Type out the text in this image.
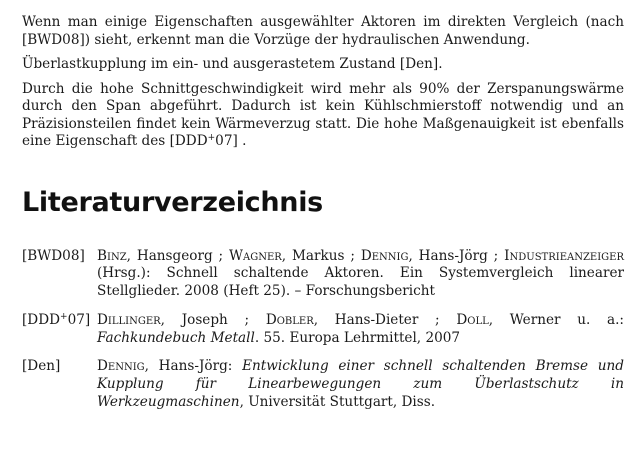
Wenn man einige Eigenschaften ausgewählter Aktoren im direkten Vergleich (nach [BWD08]) sieht, erkennt man die Vorzüge der hydraulischen Anwendung.

Überlastkupplung im ein- und ausgerastetem Zustand [Den].

Durch die hohe Schnittgeschwindigkeit wird mehr als 90% der Zerspanungswärme durch den Span abgeführt. Dadurch ist kein Kühlschmierstoff notwendig und an Präzisionsteilen findet kein Wärmeverzug statt. Die hohe Maßgenauigkeit ist ebenfalls eine Eigenschaft des [DDD+07] .

Literaturverzeichnis
[BWD08] Binz, Hansgeorg ; Wagner, Markus ; Dennig, Hans-Jörg ; Industrieanzeiger (Hrsg.): Schnell schaltende Aktoren. Ein Systemvergleich linearer Stellglieder. 2008 (Heft 25). – Forschungsbericht
[DDD+07] Dillinger, Joseph ; Dobler, Hans-Dieter ; Doll, Werner u. a.: Fachkundebuch Metall. 55. Europa Lehrmittel, 2007
[Den]	Dennig, Hans-Jörg: Entwicklung einer schnell schaltenden Bremse und Kupplung für Linearbewegungen zum Überlastschutz in Werkzeugmaschinen, Universität Stuttgart, Diss.
